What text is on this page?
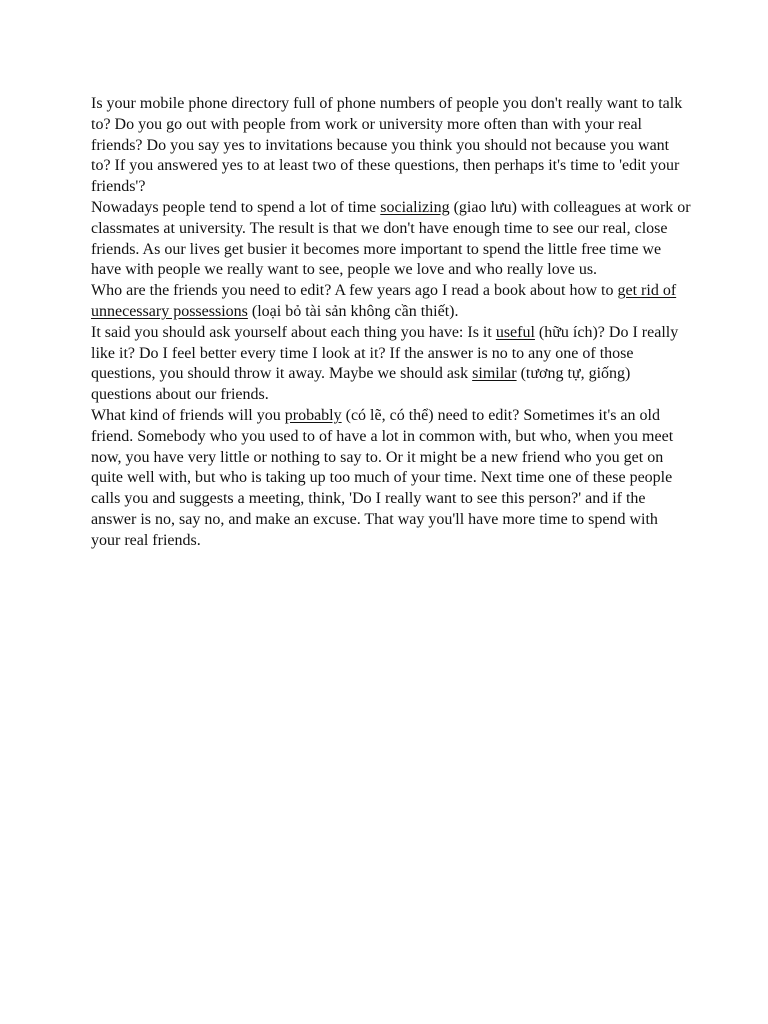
Is your mobile phone directory full of phone numbers of people you don't really want to talk to? Do you go out with people from work or university more often than with your real friends? Do you say yes to invitations because you think you should not because you want to? If you answered yes to at least two of these questions, then perhaps it's time to 'edit your friends'?

Nowadays people tend to spend a lot of time socializing (giao lưu) with colleagues at work or classmates at university. The result is that we don't have enough time to see our real, close friends. As our lives get busier it becomes more important to spend the little free time we have with people we really want to see, people we love and who really love us.

Who are the friends you need to edit? A few years ago I read a book about how to get rid of unnecessary possessions (loại bỏ tài sản không cần thiết).

It said you should ask yourself about each thing you have: Is it useful (hữu ích)? Do I really like it? Do I feel better every time I look at it? If the answer is no to any one of those questions, you should throw it away. Maybe we should ask similar (tương tự, giống) questions about our friends.

What kind of friends will you probably (có lẽ, có thể) need to edit? Sometimes it's an old friend. Somebody who you used to of have a lot in common with, but who, when you meet now, you have very little or nothing to say to. Or it might be a new friend who you get on quite well with, but who is taking up too much of your time. Next time one of these people calls you and suggests a meeting, think, 'Do I really want to see this person?' and if the answer is no, say no, and make an excuse. That way you'll have more time to spend with your real friends.
